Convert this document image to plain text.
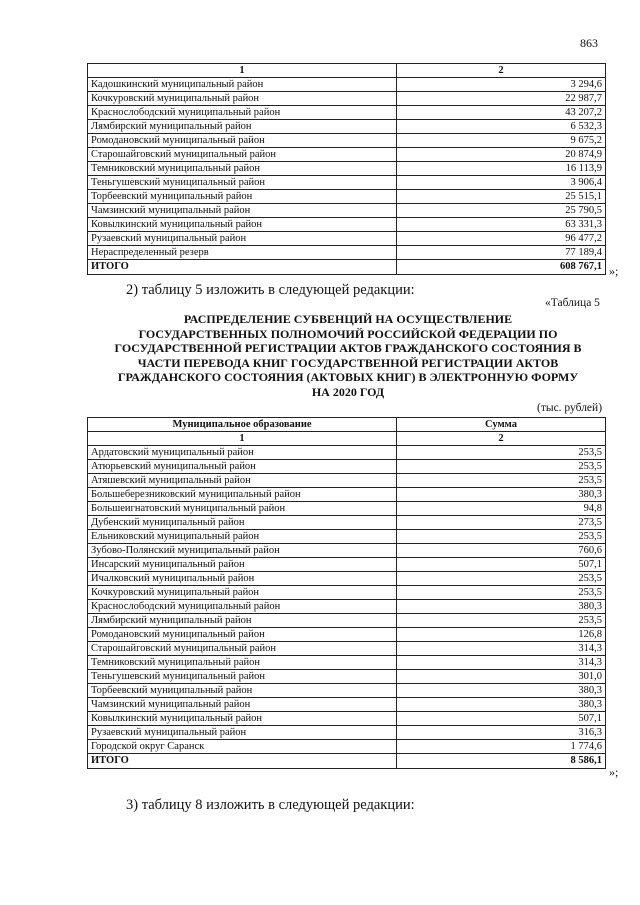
863
1	2
Кадошкинский муниципальный район	3 294,6
Кочкуровский муниципальный район	22 987,7
Краснослободский муниципальный район	43 207,2
Лямбирский муниципальный район	6 532,3
Ромодановский муниципальный район	9 675,2
Старошайговский муниципальный район	20 874,9
Темниковский муниципальный район	16 113,9
Теньгушевский муниципальный район	3 906,4
Торбеевский муниципальный район	25 515,1
Чамзинский муниципальный район	25 790,5
Ковылкинский муниципальный район	63 331,3
Рузаевский муниципальный район	96 477,2
Нераспределенный резерв	77 189,4
ИТОГО	608 767,1 »;
2) таблицу 5 изложить в следующей редакции:
«Таблица 5
РАСПРЕДЕЛЕНИЕ СУБВЕНЦИЙ НА ОСУЩЕСТВЛЕНИЕ
ГОСУДАРСТВЕННЫХ ПОЛНОМОЧИЙ РОССИЙСКОЙ ФЕДЕРАЦИИ ПО
ГОСУДАРСТВЕННОЙ РЕГИСТРАЦИИ АКТОВ ГРАЖДАНСКОГО СОСТОЯНИЯ В
ЧАСТИ ПЕРЕВОДА КНИГ ГОСУДАРСТВЕННОЙ РЕГИСТРАЦИИ АКТОВ
ГРАЖДАНСКОГО СОСТОЯНИЯ (АКТОВЫХ КНИГ) В ЭЛЕКТРОННУЮ ФОРМУ
НА 2020 ГОД
(тыс. рублей)
Муниципальное образование	Сумма
1	2
Ардатовский муниципальный район	253,5
Атюрьевский муниципальный район	253,5
Атяшевский муниципальный район	253,5
Большеберезниковский муниципальный район	380,3
Большеигнатовский муниципальный район	94,8
Дубенский муниципальный район	273,5
Ельниковский муниципальный район	253,5
Зубово-Полянский муниципальный район	760,6
Инсарский муниципальный район	507,1
Ичалковский муниципальный район	253,5
Кочкуровский муниципальный район	253,5
Краснослободский муниципальный район	380,3
Лямбирский муниципальный район	253,5
Ромодановский муниципальный район	126,8
Старошайговский муниципальный район	314,3
Темниковский муниципальный район	314,3
Теньгушевский муниципальный район	301,0
Торбеевский муниципальный район	380,3
Чамзинский муниципальный район	380,3
Ковылкинский муниципальный район	507,1
Рузаевский муниципальный район	316,3
Городской округ Саранск	1 774,6
ИТОГО	8 586,1
»;
3) таблицу 8 изложить в следующей редакции:
